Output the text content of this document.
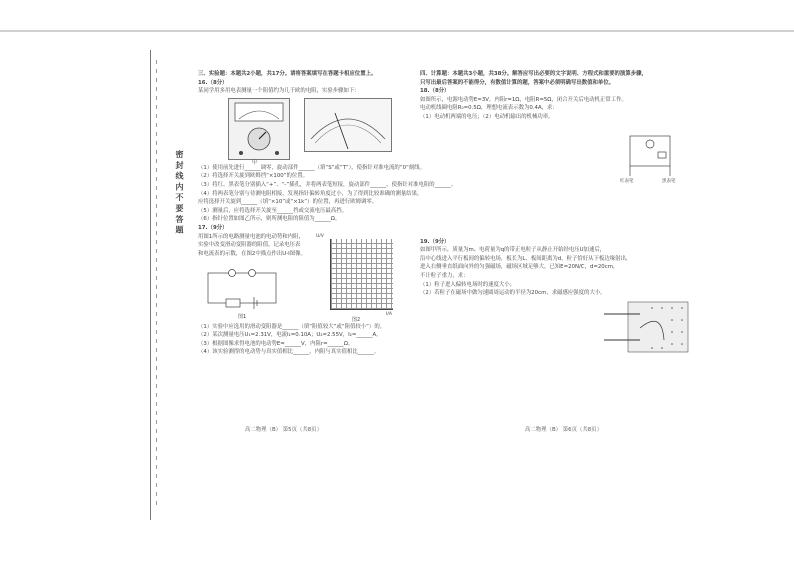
密 封 线 内 不 要 答 题
三、实验题：本题共2小题，共17分。请将答案填写在答题卡相应位置上。
16.（8分）
某同学用多用电表测量一个阻值约为几千欧的电阻，实验步骤如下：
甲
（1）使用前先进行______调零，旋动部件______（填“S”或“T”），使指针对准电流的“0”刻线。
（2）将选择开关旋到欧姆挡“×100”的位置。
（3）将红、黑表笔分别插入“+”、“-”插孔，并将两表笔短接，旋动部件______，使指针对准电阻的______。
（4）将两表笔分别与待测电阻相接，发现指针偏转角度过小，为了得到比较准确的测量结果，
应将选择开关旋到______（填“×10”或“×1k”）的位置，再进行欧姆调零。
（5）测量后，应将选择开关旋至______挡或交流电压最高挡。
（6）指针位置如图乙所示，则所测电阻的阻值为______Ω。
17.（9分）
用图1所示的电路测量电池的电动势和内阻，
实验中改变滑动变阻器的阻值，记录电压表
和电流表的示数，在图2中描点作出U-I图像。
图1
U/V
I/A
图2
（1）实验中应选用的滑动变阻器是______（填“阻值较大”或“阻值较小”）的。
（2）某次测量电压U₁=2.31V，电流I₁=0.10A；U₂=2.55V，I₂=______A。
（3）根据图像求得电池的电动势E=______V，内阻r=______Ω。
（4）该实验测得的电动势与真实值相比______，内阻与真实值相比______。
高二物理（B） 第5页（共8页）
四、计算题：本题共3小题，共38分。解答应写出必要的文字说明、方程式和重要的演算步骤，
只写出最后答案的不能得分，有数值计算的题，答案中必须明确写出数值和单位。
18.（8分）
如图所示，电源电动势E=3V，内阻r=1Ω，电阻R=5Ω，闭合开关后电动机正常工作。
电动机线圈电阻R₀=0.5Ω，理想电流表示数为0.4A，求：
（1）电动机两端的电压；（2）电动机输出的机械功率。
红表笔	黑表笔
19.（9分）
如图甲所示，质量为m、电荷量为q的带正电粒子从静止开始经电压U加速后，
沿中心线进入平行板间的偏转电场，板长为L，板间距离为d，粒子恰好从下板边缘射出，
进入右侧垂直纸面向外的匀强磁场，磁场区域足够大，已知E=20N/C，d=20cm，
不计粒子重力，求：
（1）粒子进入偏转电场时的速度大小；
（2）若粒子在磁场中做匀速圆周运动的半径为20cm，求磁感应强度的大小。
高二物理（B） 第6页（共8页）
